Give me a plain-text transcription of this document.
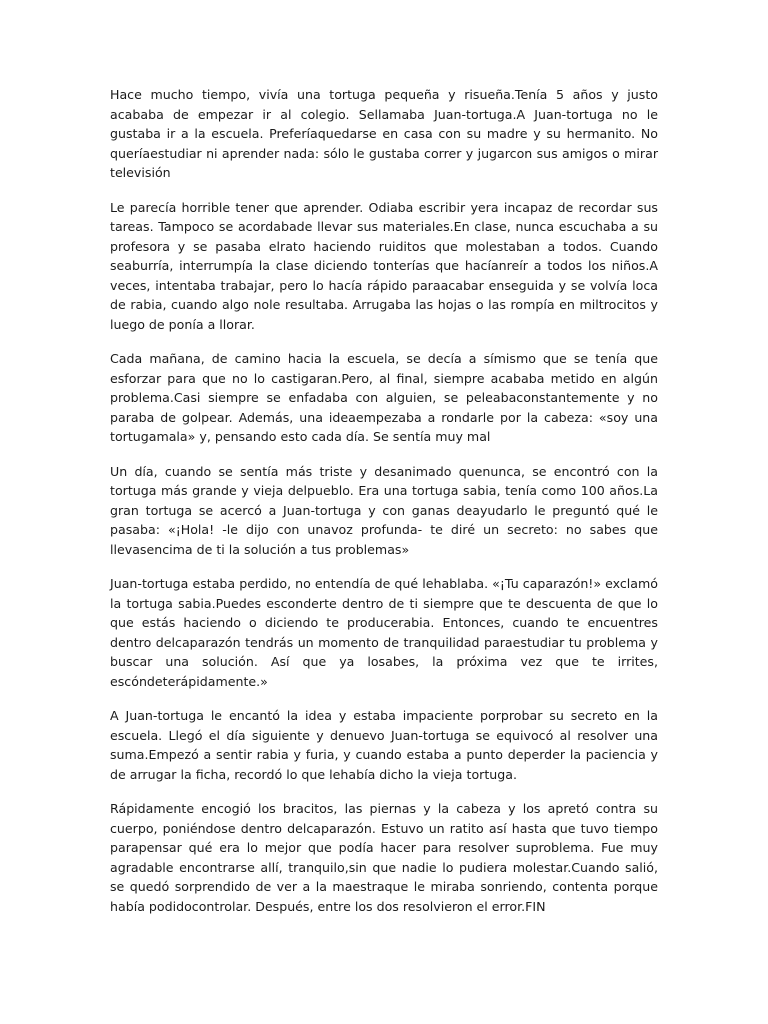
Hace mucho tiempo, vivía una tortuga pequeña y risueña.Tenía 5 años y justo acababa de empezar ir al colegio. Sellamaba Juan-tortuga.A Juan-tortuga no le gustaba ir a la escuela. Preferíaquedarse en casa con su madre y su hermanito. No queríaestudiar ni aprender nada: sólo le gustaba correr y jugarcon sus amigos o mirar televisión

Le parecía horrible tener que aprender. Odiaba escribir yera incapaz de recordar sus tareas. Tampoco se acordabade llevar sus materiales.En clase, nunca escuchaba a su profesora y se pasaba elrato haciendo ruiditos que molestaban a todos. Cuando seaburría, interrumpía la clase diciendo tonterías que hacíanreír a todos los niños.A veces, intentaba trabajar, pero lo hacía rápido paraacabar enseguida y se volvía loca de rabia, cuando algo nole resultaba. Arrugaba las hojas o las rompía en miltrocitos y luego de ponía a llorar.

Cada mañana, de camino hacia la escuela, se decía a símismo que se tenía que esforzar para que no lo castigaran.Pero, al final, siempre acababa metido en algún problema.Casi siempre se enfadaba con alguien, se peleabaconstantemente y no paraba de golpear. Además, una ideaempezaba a rondarle por la cabeza: «soy una tortugamala» y, pensando esto cada día. Se sentía muy mal

Un día, cuando se sentía más triste y desanimado quenunca, se encontró con la tortuga más grande y vieja delpueblo. Era una tortuga sabia, tenía como 100 años.La gran tortuga se acercó a Juan-tortuga y con ganas deayudarlo le preguntó qué le pasaba: «¡Hola! -le dijo con unavoz profunda- te diré un secreto: no sabes que llevasencima de ti la solución a tus problemas»

Juan-tortuga estaba perdido, no entendía de qué lehablaba. «¡Tu caparazón!» exclamó la tortuga sabia.Puedes esconderte dentro de ti siempre que te descuenta de que lo que estás haciendo o diciendo te producerabia. Entonces, cuando te encuentres dentro delcaparazón tendrás un momento de tranquilidad paraestudiar tu problema y buscar una solución. Así que ya losabes, la próxima vez que te irrites, escóndeterápidamente.»

A Juan-tortuga le encantó la idea y estaba impaciente porprobar su secreto en la escuela. Llegó el día siguiente y denuevo Juan-tortuga se equivocó al resolver una suma.Empezó a sentir rabia y furia, y cuando estaba a punto deperder la paciencia y de arrugar la ficha, recordó lo que lehabía dicho la vieja tortuga.

Rápidamente encogió los bracitos, las piernas y la cabeza y los apretó contra su cuerpo, poniéndose dentro delcaparazón. Estuvo un ratito así hasta que tuvo tiempo parapensar qué era lo mejor que podía hacer para resolver suproblema. Fue muy agradable encontrarse allí, tranquilo,sin que nadie lo pudiera molestar.Cuando salió, se quedó sorprendido de ver a la maestraque le miraba sonriendo, contenta porque había podidocontrolar. Después, entre los dos resolvieron el error.FIN
